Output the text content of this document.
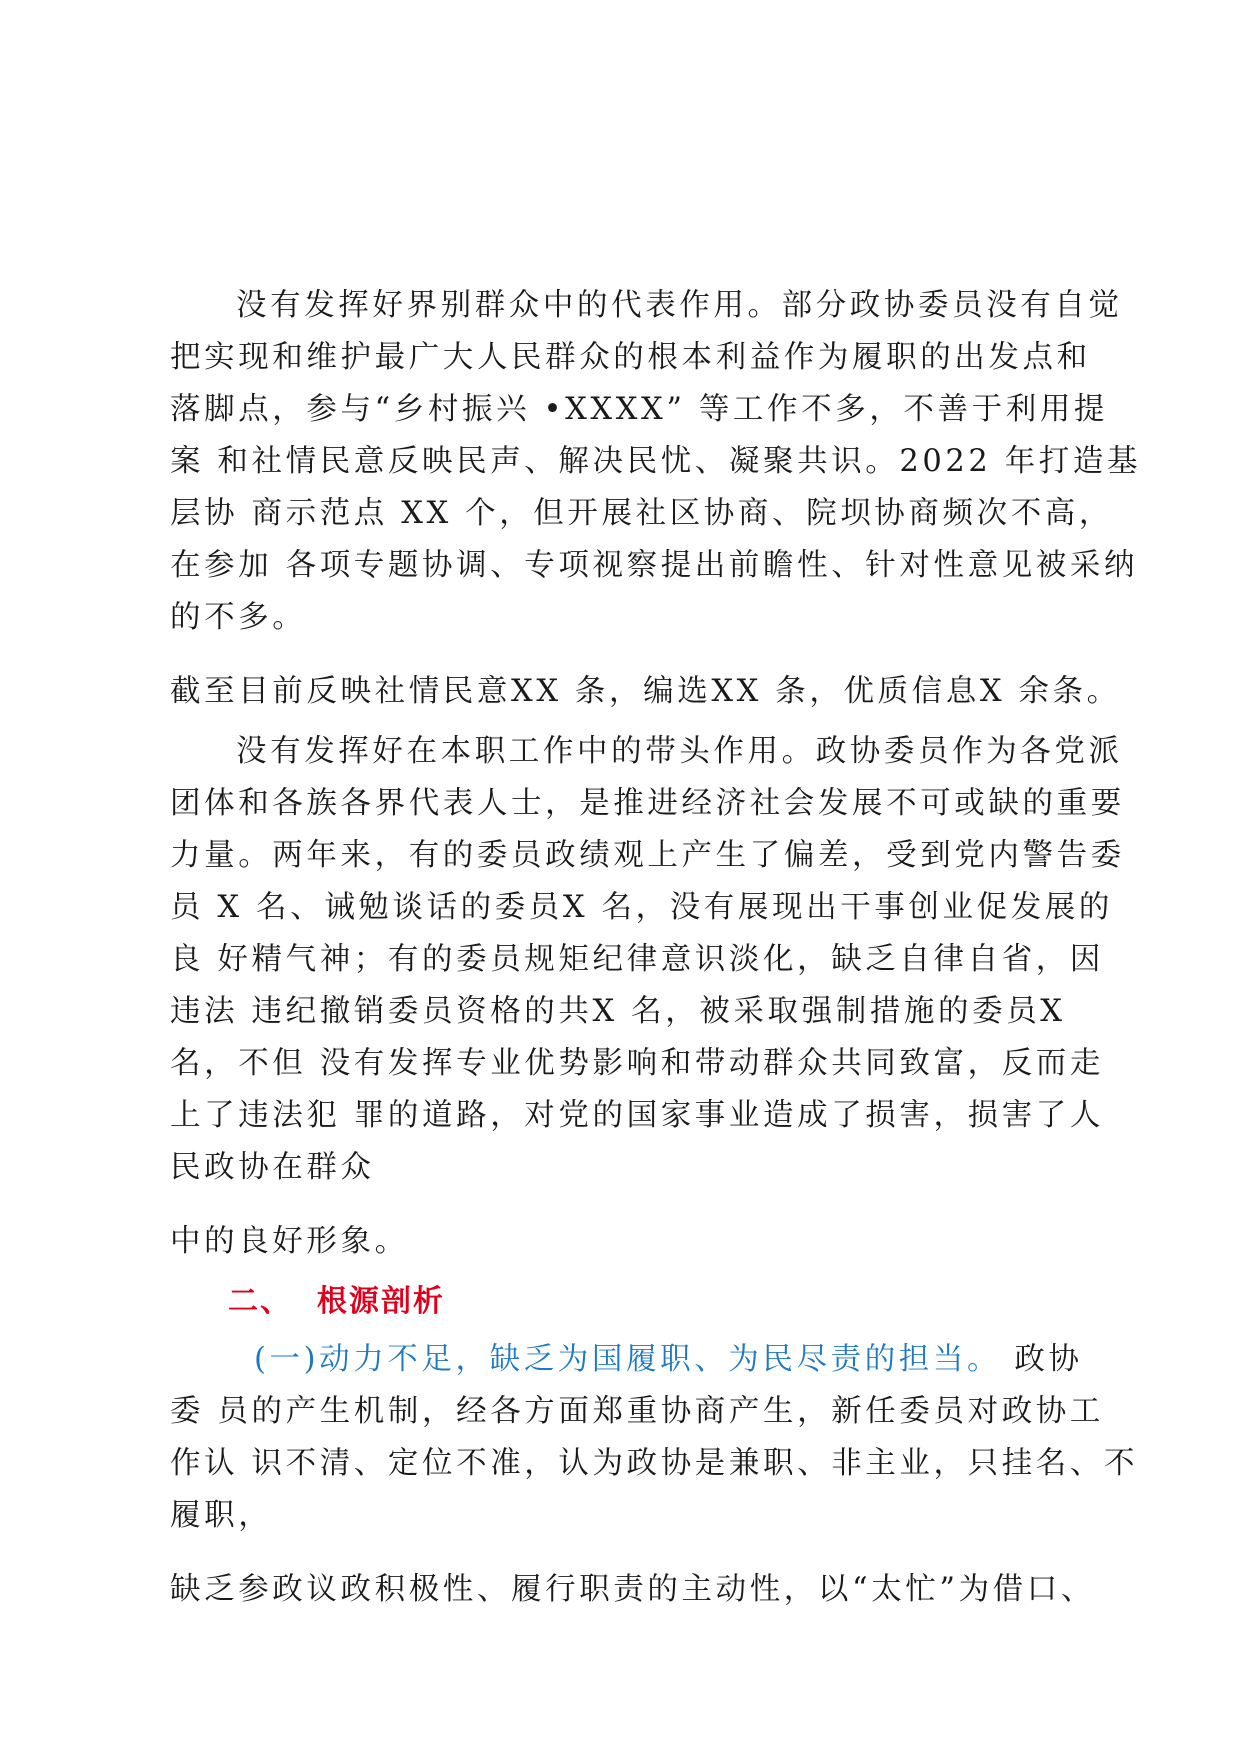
没有发挥好界别群众中的代表作用。部分政协委员没有自觉

把实现和维护最广大人民群众的根本利益作为履职的出发点和

落脚点，参与“乡村振兴 •XXXX” 等工作不多，不善于利用提

案 和社情民意反映民声、解决民忧、凝聚共识。2022 年打造基

层协 商示范点 XX 个，但开展社区协商、院坝协商频次不高，

在参加 各项专题协调、专项视察提出前瞻性、针对性意见被采纳

的不多。

截至目前反映社情民意XX 条，编选XX 条，优质信息X 余条。

没有发挥好在本职工作中的带头作用。政协委员作为各党派

团体和各族各界代表人士，是推进经济社会发展不可或缺的重要

力量。两年来，有的委员政绩观上产生了偏差，受到党内警告委

员 X 名、诫勉谈话的委员X 名，没有展现出干事创业促发展的

良 好精气神；有的委员规矩纪律意识淡化，缺乏自律自省，因

违法 违纪撤销委员资格的共X 名，被采取强制措施的委员X

名，不但 没有发挥专业优势影响和带动群众共同致富，反而走

上了违法犯 罪的道路，对党的国家事业造成了损害，损害了人

民政协在群众

中的良好形象。

二、  根源剖析

(一)动力不足，缺乏为国履职、为民尽责的担当。 政协

委 员的产生机制，经各方面郑重协商产生，新任委员对政协工

作认 识不清、定位不准，认为政协是兼职、非主业，只挂名、不

履职，

缺乏参政议政积极性、履行职责的主动性，以“太忙”为借口、
